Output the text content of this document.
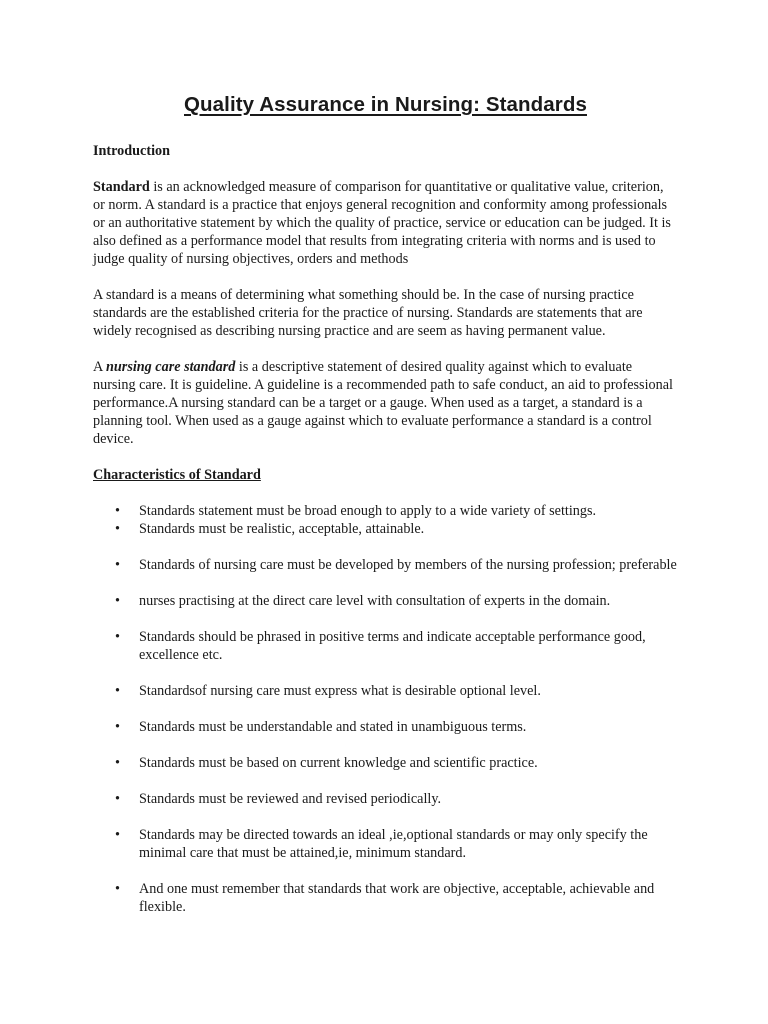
Quality Assurance in Nursing: Standards
Introduction

Standard is an acknowledged measure of comparison for quantitative or qualitative value, criterion, or norm. A standard is a practice that enjoys general recognition and conformity among professionals or an authoritative statement by which the quality of practice, service or education can be judged. It is also defined as a performance model that results from integrating criteria with norms and is used to judge quality of nursing objectives, orders and methods

A standard is a means of determining what something should be. In the case of nursing practice standards are the established criteria for the practice of nursing. Standards are statements that are widely recognised as describing nursing practice and are seem as having permanent value.

A nursing care standard is a descriptive statement of desired quality against which to evaluate nursing care. It is guideline. A guideline is a recommended path to safe conduct, an aid to professional performance.A nursing standard can be a target or a gauge. When used as a target, a standard is a planning tool. When used as a gauge against which to evaluate performance a standard is a control device.

Characteristics of Standard
• Standards statement must be broad enough to apply to a wide variety of settings.
• Standards must be realistic, acceptable, attainable.
• Standards of nursing care must be developed by members of the nursing profession; preferable
• nurses practising at the direct care level with consultation of experts in the domain.
• Standards should be phrased in positive terms and indicate acceptable performance good, excellence etc.
• Standardsof nursing care must express what is desirable optional level.
• Standards must be understandable and stated in unambiguous terms.
• Standards must be based on current knowledge and scientific practice.
• Standards must be reviewed and revised periodically.
• Standards may be directed towards an ideal ,ie,optional standards or may only specify the minimal care that must be attained,ie, minimum standard.
• And one must remember that standards that work are objective, acceptable, achievable and flexible.
